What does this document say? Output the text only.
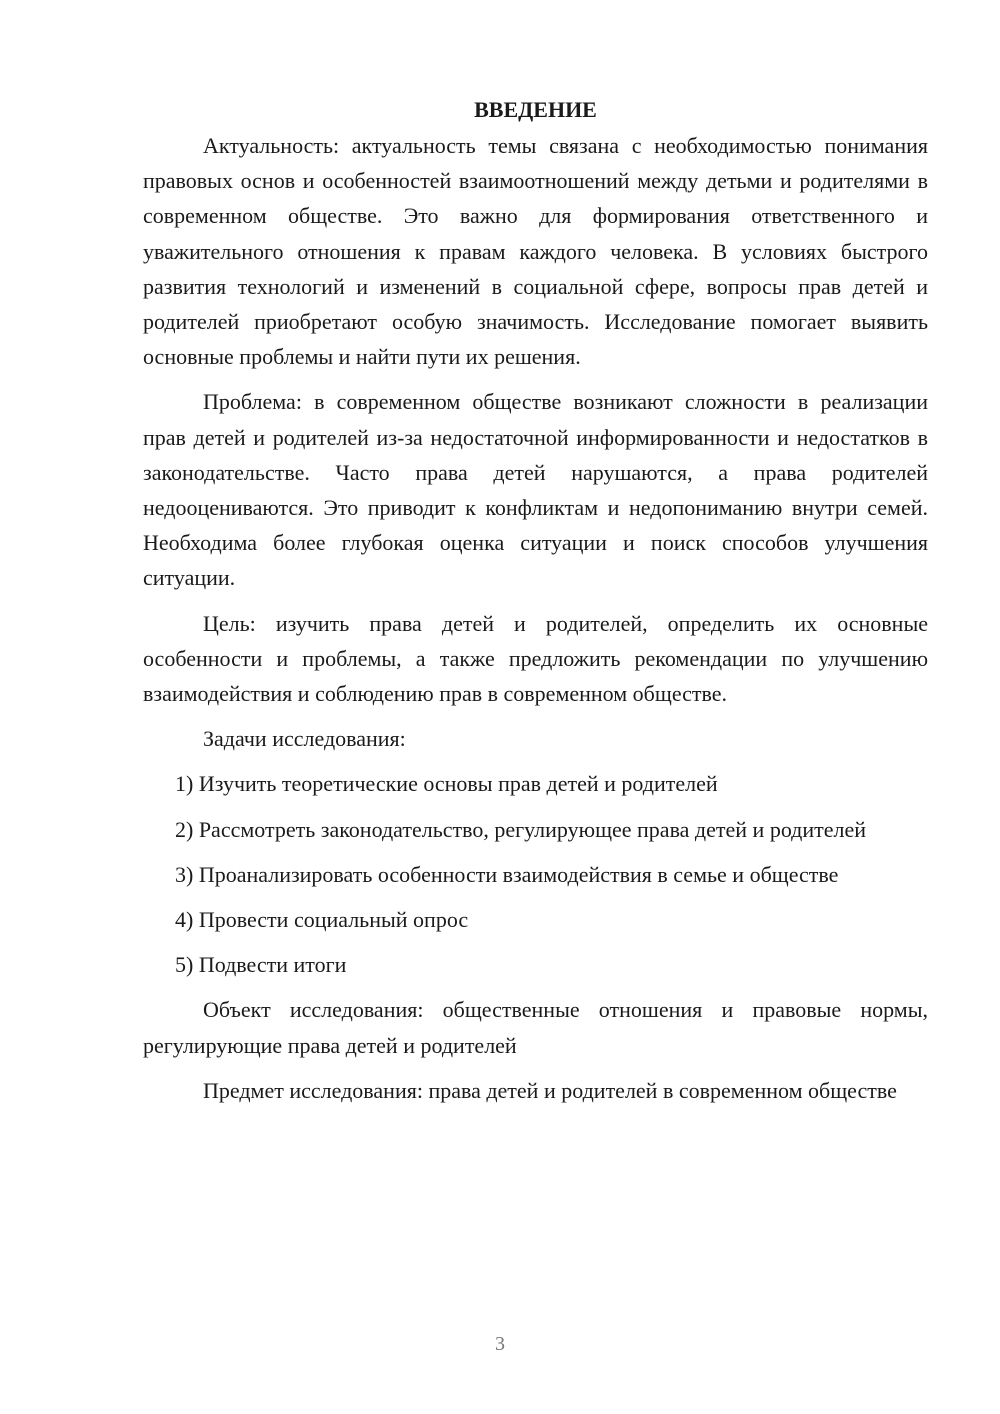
ВВЕДЕНИЕ

Актуальность: актуальность темы связана с необходимостью понимания правовых основ и особенностей взаимоотношений между детьми и родителями в современном обществе. Это важно для формирования ответственного и уважительного отношения к правам каждого человека. В условиях быстрого развития технологий и изменений в социальной сфере, вопросы прав детей и родителей приобретают особую значимость. Исследование помогает выявить основные проблемы и найти пути их решения.

Проблема: в современном обществе возникают сложности в реализации прав детей и родителей из-за недостаточной информированности и недостатков в законодательстве. Часто права детей нарушаются, а права родителей недооцениваются. Это приводит к конфликтам и недопониманию внутри семей. Необходима более глубокая оценка ситуации и поиск способов улучшения ситуации.

Цель: изучить права детей и родителей, определить их основные особенности и проблемы, а также предложить рекомендации по улучшению взаимодействия и соблюдению прав в современном обществе.

Задачи исследования:

1) Изучить теоретические основы прав детей и родителей

2) Рассмотреть законодательство, регулирующее права детей и родителей

3) Проанализировать особенности взаимодействия в семье и обществе

4) Провести социальный опрос

5) Подвести итоги

Объект исследования: общественные отношения и правовые нормы, регулирующие права детей и родителей

Предмет исследования: права детей и родителей в современном обществе

3
